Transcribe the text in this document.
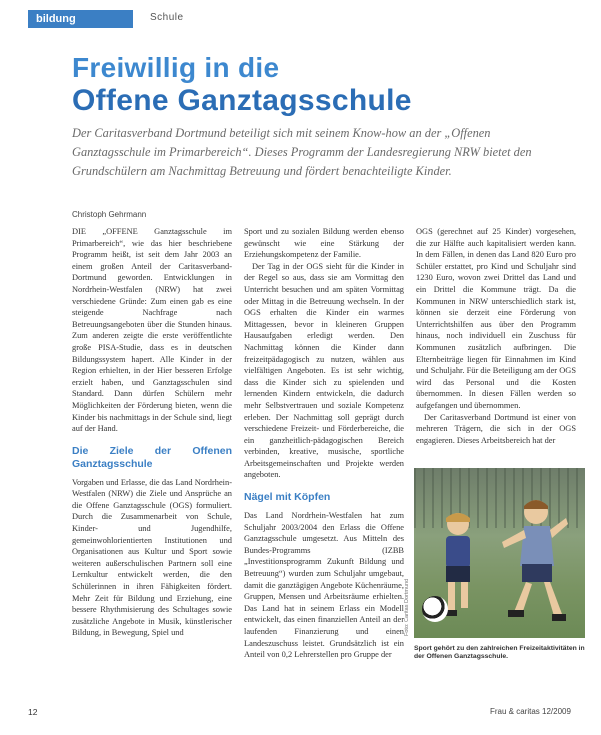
bildung	Schule
Freiwillig in die
Offene Ganztagsschule
Der Caritasverband Dortmund beteiligt sich mit seinem Know-how an der „Offenen Ganztagsschule im Primarbereich“. Dieses Programm der Landesregierung NRW bietet den Grundschülern am Nachmittag Betreuung und fördert benachteiligte Kinder.
Christoph Gehrmann

DIE „OFFENE Ganztagsschule im Primarbereich“, wie das hier beschriebene Programm heißt, ist seit dem Jahr 2003 an einem großen Anteil der Caritasverband-Dortmund geworden. Entwicklungen in Nordrhein-Westfalen (NRW) hat zwei verschiedene Gründe: Zum einen gab es eine steigende Nachfrage nach Betreuungsangeboten über die Stunden hinaus. Zum anderen zeigte die erste veröffentlichte große PISA-Studie, dass es in deutschen Bildungssystem hapert. Alle Kinder in der Region erhielten, in der Hier besseren Erfolge erzielt haben, und Ganztagsschulen sind Standard. Dann dürfen Schülern mehr Möglichkeiten der Förderung bieten, wenn die Kinder bis nachmittags in der Schule sind, liegt auf der Hand.

Die Ziele der Offenen Ganztagsschule

Vorgaben und Erlasse, die das Land Nordrhein-Westfalen (NRW) die Ziele und Ansprüche an die Offene Ganztagsschule (OGS) formuliert. Durch die Zusammenarbeit von Schule, Kinder- und Jugendhilfe, gemeinwohlorientierten Institutionen und Organisationen aus Kultur und Sport sowie weiteren außerschulischen Partnern soll eine Lernkultur entwickelt werden, die den Schülerinnen in ihren Fähigkeiten fördert. Mehr Zeit für Bildung und Erziehung, eine bessere Rhythmisierung des Schultages sowie zusätzliche Angebote in Musik, künstlerischer Bildung, in Bewegung, Spiel und

Sport und zu sozialen Bildung werden ebenso gewünscht wie eine Stärkung der Erziehungskompetenz der Familie.

Der Tag in der OGS sieht für die Kinder in der Regel so aus, dass sie am Vormittag den Unterricht besuchen und am späten Vormittag oder Mittag in die Betreuung wechseln. In der OGS erhalten die Kinder ein warmes Mittagessen, bevor in kleineren Gruppen Hausaufgaben erledigt werden. Den Nachmittag können die Kinder dann freizeitpädagogisch zu nutzen, wählen aus vielfältigen Angeboten. Es ist sehr wichtig, dass die Kinder sich zu spielenden und lernenden Kindern entwickeln, die dadurch mehr Selbstvertrauen und soziale Kompetenz erleben. Der Nachmittag soll geprägt durch verschiedene Freizeit- und Förderbereiche, die ein ganzheitlich-pädagogischen Bereich verbinden, kreative, musische, sportliche Arbeitsgemeinschaften und Projekte werden angeboten.

Nägel mit Köpfen

Das Land Nordrhein-Westfalen hat zum Schuljahr 2003/2004 den Erlass die Offene Ganztagsschule umgesetzt. Aus Mitteln des Bundes-Programms (IZBB „Investitionsprogramm Zukunft Bildung und Betreuung“) wurden zum Schuljahr umgebaut, damit die ganztägigen Angebote Küchenräume, Gruppen, Mensen und Arbeitsräume erhielten. Das Land hat in seinem Erlass ein Modell entwickelt, das einen finanziellen Anteil an der laufenden Finanzierung und einen Landeszuschuss leistet. Grundsätzlich ist ein Anteil von 0,2 Lehrerstellen pro Gruppe der

OGS (gerechnet auf 25 Kinder) vorgesehen, die zur Hälfte auch kapitalisiert werden kann. In dem Fällen, in denen das Land 820 Euro pro Schüler erstattet, pro Kind und Schuljahr sind 1230 Euro, wovon zwei Drittel das Land und ein Drittel die Kommune trägt. Da die Kommunen in NRW unterschiedlich stark ist, können sie derzeit eine Förderung von Unterrichtshilfen aus über den Programm hinaus, noch individuell ein Zuschuss für Kommunen zusätzlich aufbringen. Die Elternbeiträge liegen für Einnahmen im Kind und Schuljahr. Für die Beteiligung am der OGS wird das Personal und die Kosten übernommen. In diesen Fällen werden so aufgefangen und übernommen.

Der Caritasverband Dortmund ist einer von mehreren Trägern, die sich in der OGS engagieren. Dieses Arbeitsbereich hat der

Foto: Caritas Dortmund
Sport gehört zu den zahlreichen Freizeitaktivitäten in der Offenen Ganztagsschule.
12	Frau & caritas 12/2009
